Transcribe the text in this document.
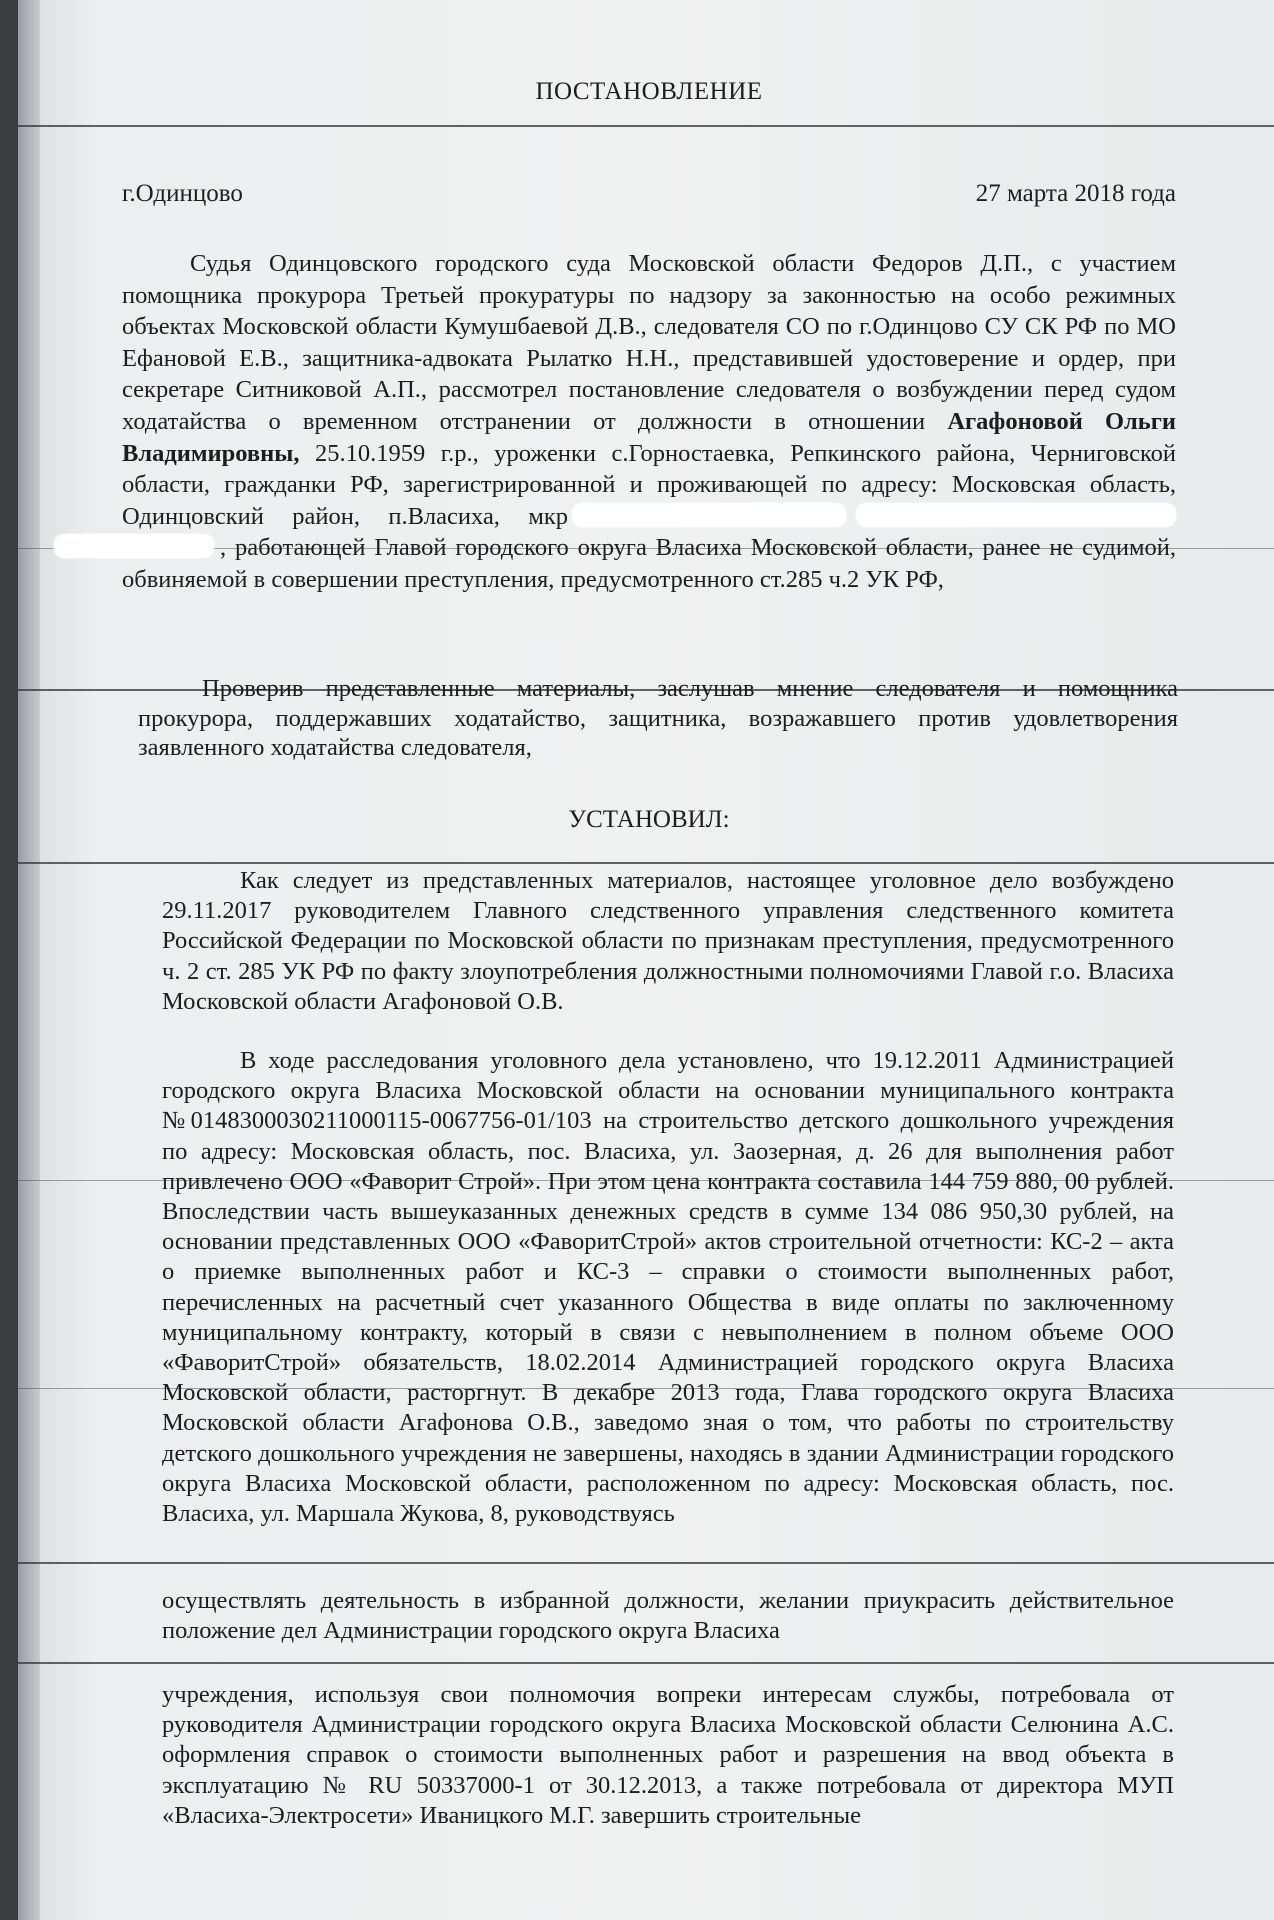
ПОСТАНОВЛЕНИЕ
г.Одинцово	27 марта 2018 года
Судья Одинцовского городского суда Московской области Федоров Д.П., с участием помощника прокурора Третьей прокуратуры по надзору за законностью на особо режимных объектах Московской области Кумушбаевой Д.В., следователя СО по г.Одинцово СУ СК РФ по МО Ефановой Е.В., защитника-адвоката Рылатко Н.Н., представившей удостоверение и ордер, при секретаре Ситниковой А.П., рассмотрел постановление следователя о возбуждении перед судом ходатайства о временном отстранении от должности в отношении Агафоновой Ольги Владимировны, 25.10.1959 г.р., уроженки с.Горностаевка, Репкинского района, Черниговской области, гражданки РФ, зарегистрированной и проживающей по адресу: Московская область, Одинцовский район, п.Власиха, мкр , работающей Главой городского округа Власиха Московской области, ранее не судимой, обвиняемой в совершении преступления, предусмотренного ст.285 ч.2 УК РФ,
Проверив представленные материалы, заслушав мнение следователя и помощника прокурора, поддержавших ходатайство, защитника, возражавшего против удовлетворения заявленного ходатайства следователя,
УСТАНОВИЛ:
Как следует из представленных материалов, настоящее уголовное дело возбуждено 29.11.2017 руководителем Главного следственного управления следственного комитета Российской Федерации по Московской области по признакам преступления, предусмотренного ч. 2 ст. 285 УК РФ по факту злоупотребления должностными полномочиями Главой г.о. Власиха Московской области Агафоновой О.В.
В ходе расследования уголовного дела установлено, что 19.12.2011 Администрацией городского округа Власиха Московской области на основании муниципального контракта №0148300030211000115-0067756-01/103 на строительство детского дошкольного учреждения по адресу: Московская область, пос. Власиха, ул. Заозерная, д. 26 для выполнения работ привлечено ООО «Фаворит Строй». При этом цена контракта составила 144 759 880, 00 рублей. Впоследствии часть вышеуказанных денежных средств в сумме 134 086 950,30 рублей, на основании представленных ООО «ФаворитСтрой» актов строительной отчетности: КС-2 – акта о приемке выполненных работ и КС-3 – справки о стоимости выполненных работ, перечисленных на расчетный счет указанного Общества в виде оплаты по заключенному муниципальному контракту, который в связи с невыполнением в полном объеме ООО «ФаворитСтрой» обязательств, 18.02.2014 Администрацией городского округа Власиха Московской области, расторгнут. В декабре 2013 года, Глава городского округа Власиха Московской области Агафонова О.В., заведомо зная о том, что работы по строительству детского дошкольного учреждения не завершены, находясь в здании Администрации городского округа Власиха Московской области, расположенном по адресу: Московская область, пос. Власиха, ул. Маршала Жукова, 8, руководствуясь
осуществлять деятельность в избранной должности, желании приукрасить действительное положение дел Администрации городского округа Власиха
учреждения, используя свои полномочия вопреки интересам службы, потребовала от руководителя Администрации городского округа Власиха Московской области Селюнина А.С. оформления справок о стоимости выполненных работ и разрешения на ввод объекта в эксплуатацию № RU 50337000-1 от 30.12.2013, а также потребовала от директора МУП «Власиха-Электросети» Иваницкого М.Г. завершить строительные
